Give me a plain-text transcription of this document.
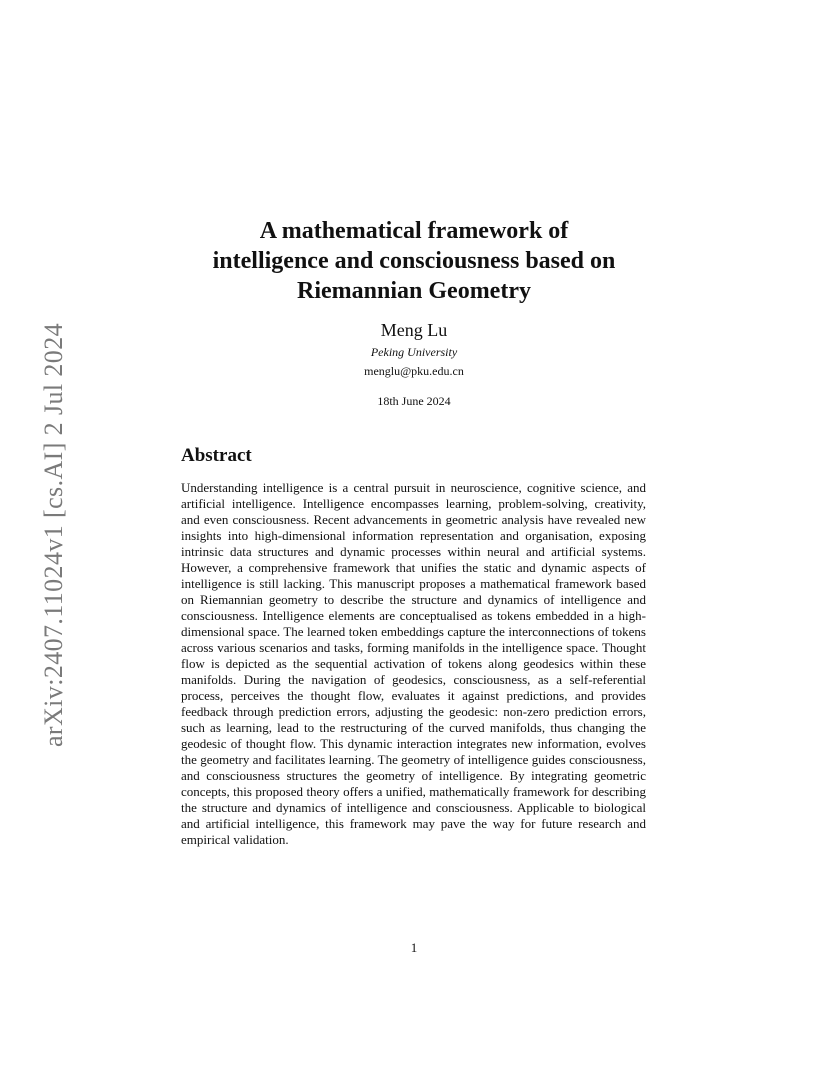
arXiv:2407.11024v1 [cs.AI] 2 Jul 2024
A mathematical framework of
intelligence and consciousness based on
Riemannian Geometry
Meng Lu
Peking University
menglu@pku.edu.cn
18th June 2024
Abstract

Understanding intelligence is a central pursuit in neuroscience, cognitive science, and artificial intelligence. Intelligence encompasses learning, problem-solving, creativity, and even consciousness. Recent advancements in geometric analysis have revealed new insights into high-dimensional information representation and organisation, exposing intrinsic data structures and dynamic processes within neural and artificial systems. However, a comprehensive framework that unifies the static and dynamic aspects of intelligence is still lacking. This manuscript proposes a mathematical framework based on Riemannian geometry to describe the structure and dynamics of intelligence and consciousness. Intelligence elements are conceptualised as tokens embedded in a high-dimensional space. The learned token embeddings capture the interconnections of tokens across various scenarios and tasks, forming manifolds in the intelligence space. Thought flow is depicted as the sequential activation of tokens along geodesics within these manifolds. During the navigation of geodesics, consciousness, as a self-referential process, perceives the thought flow, evaluates it against predictions, and provides feedback through prediction errors, adjusting the geodesic: non-zero prediction errors, such as learning, lead to the restructuring of the curved manifolds, thus changing the geodesic of thought flow. This dynamic interaction integrates new information, evolves the geometry and facilitates learning. The geometry of intelligence guides consciousness, and consciousness structures the geometry of intelligence. By integrating geometric concepts, this proposed theory offers a unified, mathematically framework for describing the structure and dynamics of intelligence and consciousness. Applicable to biological and artificial intelligence, this framework may pave the way for future research and empirical validation.

1
